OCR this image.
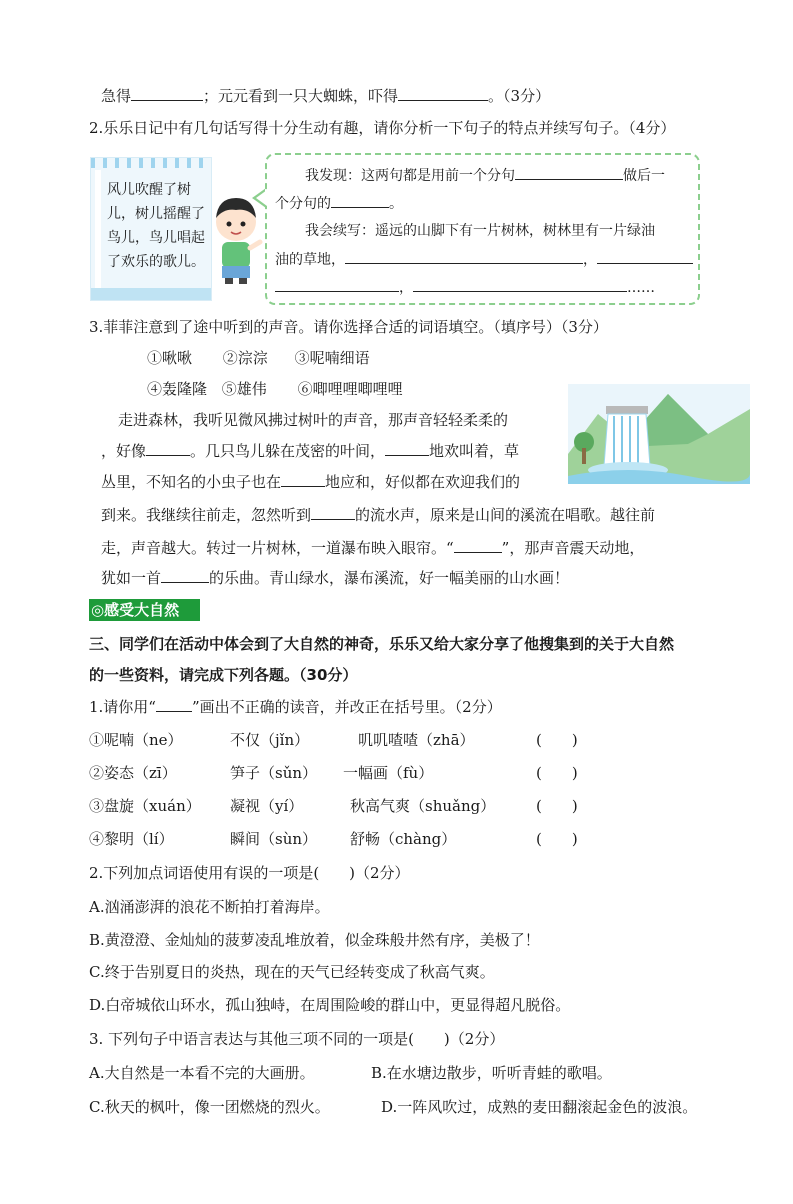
急得	；元元看到一只大蜘蛛，吓得	。（3分）
2.乐乐日记中有几句话写得十分生动有趣，请你分析一下句子的特点并续写句子。（4分）
风儿吹醒了树儿，树儿摇醒了鸟儿，鸟儿唱起了欢乐的歌儿。
我发现：这两句都是用前一个分句	做后一
个分句的	。
我会续写：遥远的山脚下有一片树林，树林里有一片绿油
油的草地，	，
，	……
3.菲菲注意到了途中听到的声音。请你选择合适的词语填空。（填序号）（3分）
①啾啾 ②淙淙 ③呢喃细语
④轰隆隆 ⑤雄伟 ⑥唧哩哩唧哩哩
走进森林，我听见微风拂过树叶的声音，那声音轻轻柔柔的
，好像	。几只鸟儿躲在茂密的叶间，	地欢叫着，草
丛里，不知名的小虫子也在	地应和，好似都在欢迎我们的
到来。我继续往前走，忽然听到	的流水声，原来是山间的溪流在唱歌。越往前
走，声音越大。转过一片树林，一道瀑布映入眼帘。“	”，那声音震天动地，
犹如一首	的乐曲。青山绿水，瀑布溪流，好一幅美丽的山水画！
◎感受大自然
三、同学们在活动中体会到了大自然的神奇，乐乐又给大家分享了他搜集到的关于大自然
的一些资料，请完成下列各题。（30分）
1.请你用“ ”画出不正确的读音，并改正在括号里。（2分）
①呢喃（ne）	不仅（jǐn）	叽叽喳喳（zhā）	(　　)
②姿态（zī）	笋子（sǔn） 一幅画（fù）	(　　)
③盘旋（xuán） 凝视（yí）	秋高气爽（shuǎng）	(　　)
④黎明（lí）	瞬间（sùn） 舒畅（chàng）	(　　)
2.下列加点词语使用有误的一项是(　　)（2分）
A.汹涌澎湃的浪花不断拍打着海岸。
B.黄澄澄、金灿灿的菠萝凌乱堆放着，似金珠般井然有序，美极了！
C.终于告别夏日的炎热，现在的天气已经转变成了秋高气爽。
D.白帝城依山环水，孤山独峙，在周围险峻的群山中，更显得超凡脱俗。
3. 下列句子中语言表达与其他三项不同的一项是(　　)（2分）
A.大自然是一本看不完的大画册。	B.在水塘边散步，听听青蛙的歌唱。
C.秋天的枫叶，像一团燃烧的烈火。	D.一阵风吹过，成熟的麦田翻滚起金色的波浪。
